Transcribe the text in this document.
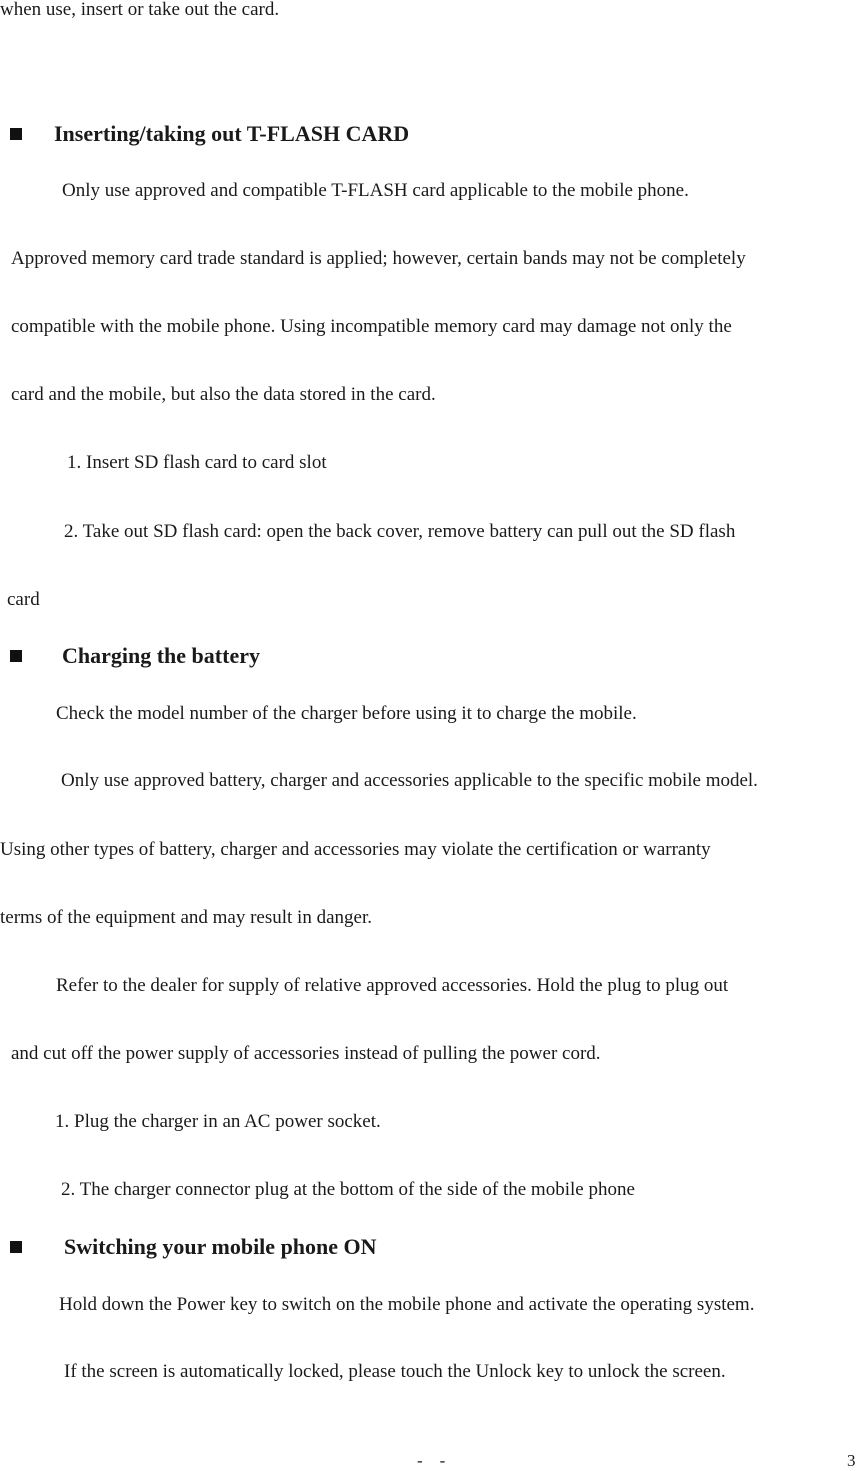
when use, insert or take out the card.

Inserting/taking out T-FLASH CARD

Only use approved and compatible T-FLASH card applicable to the mobile phone.

Approved memory card trade standard is applied; however, certain bands may not be completely

compatible with the mobile phone. Using incompatible memory card may damage not only the

card and the mobile, but also the data stored in the card.

1. Insert SD flash card to card slot

2. Take out SD flash card: open the back cover, remove battery can pull out the SD flash

card

Charging the battery

Check the model number of the charger before using it to charge the mobile.

Only use approved battery, charger and accessories applicable to the specific mobile model.

Using other types of battery, charger and accessories may violate the certification or warranty

terms of the equipment and may result in danger.

Refer to the dealer for supply of relative approved accessories. Hold the plug to plug out

and cut off the power supply of accessories instead of pulling the power cord.

1. Plug the charger in an AC power socket.

2. The charger connector plug at the bottom of the side of the mobile phone

Switching your mobile phone ON

Hold down the Power key to switch on the mobile phone and activate the operating system.

If the screen is automatically locked, please touch the Unlock key to unlock the screen.

-    -	3
